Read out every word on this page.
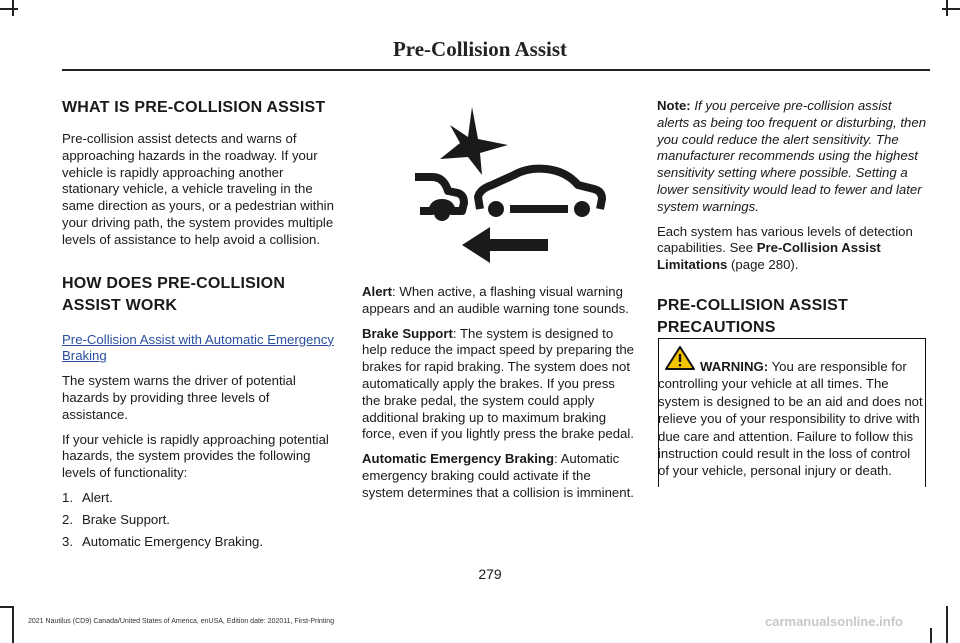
Pre-Collision Assist
WHAT IS PRE-COLLISION ASSIST

Pre-collision assist detects and warns of approaching hazards in the roadway. If your vehicle is rapidly approaching another stationary vehicle, a vehicle traveling in the same direction as yours, or a pedestrian within your driving path, the system provides multiple levels of assistance to help avoid a collision.

HOW DOES PRE-COLLISION
ASSIST WORK

Pre-Collision Assist with Automatic Emergency Braking

The system warns the driver of potential hazards by providing three levels of assistance.

If your vehicle is rapidly approaching potential hazards, the system provides the following levels of functionality:

1. Alert.
2. Brake Support.
3. Automatic Emergency Braking.

Alert: When active, a flashing visual warning appears and an audible warning tone sounds.

Brake Support: The system is designed to help reduce the impact speed by preparing the brakes for rapid braking. The system does not automatically apply the brakes. If you press the brake pedal, the system could apply additional braking up to maximum braking force, even if you lightly press the brake pedal.

Automatic Emergency Braking: Automatic emergency braking could activate if the system determines that a collision is imminent.

Note: If you perceive pre-collision assist alerts as being too frequent or disturbing, then you could reduce the alert sensitivity. The manufacturer recommends using the highest sensitivity setting where possible. Setting a lower sensitivity would lead to fewer and later system warnings.

Each system has various levels of detection capabilities. See Pre-Collision Assist Limitations (page 280).

PRE-COLLISION ASSIST
PRECAUTIONS
WARNING: You are responsible for controlling your vehicle at all times. The system is designed to be an aid and does not relieve you of your responsibility to drive with due care and attention. Failure to follow this instruction could result in the loss of control of your vehicle, personal injury or death.
279
2021 Nautilus (CD9) Canada/United States of America, enUSA, Edition date: 202011, First-Printing	carmanualsonline.info
